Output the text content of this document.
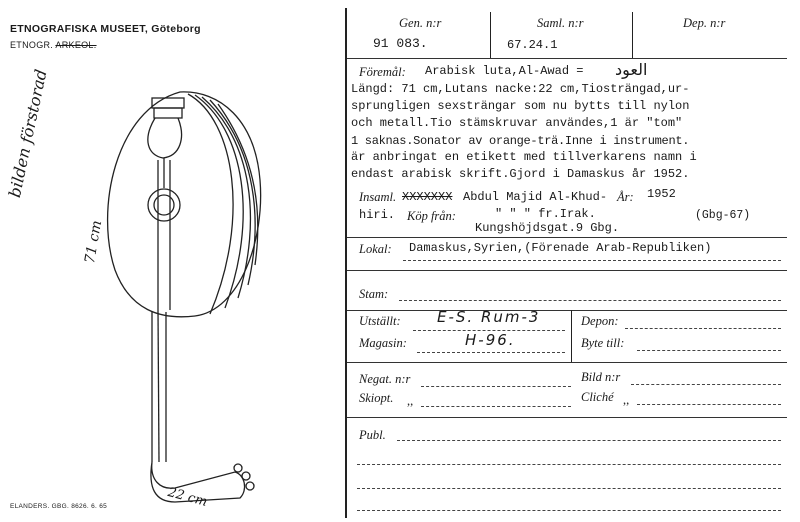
ETNOGRAFISKA MUSEET, Göteborg
ETNOGR. ARKEOL.
bilden förstorad
71 cm
22 cm
ELANDERS. GBG. 8626. 6. 65
Gen. n:r
91 083.
Saml. n:r
67.24.1
Dep. n:r
Föremål: Arabisk luta,Al-Awad = العود
Längd: 71 cm,Lutans nacke:22 cm,Tiosträngad,ur-
sprungligen sexsträngar som nu bytts till nylon
och metall.Tio stämskruvar användes,1 är "tom"
1 saknas.Sonator av orange-trä.Inne i instrument.
är anbringat en etikett med tillverkarens namn i
endast arabisk skrift.Gjord i Damaskus år 1952.
Insaml. XXXXXXX Abdul Majid Al-Khud- År: 1952
hiri. Köp från:	" " " fr.Irak.	(Gbg-67)
Kungshöjdsgat.9 Gbg.
Lokal: Damaskus,Syrien,(Förenade Arab-Republiken)
Stam:
Utställt: E-S. Rum-3
Magasin:	H-96.
Depon:
Byte till:
Negat. n:r	Bild n:r
Skiopt. ,,	Cliché ,,
Publ.
